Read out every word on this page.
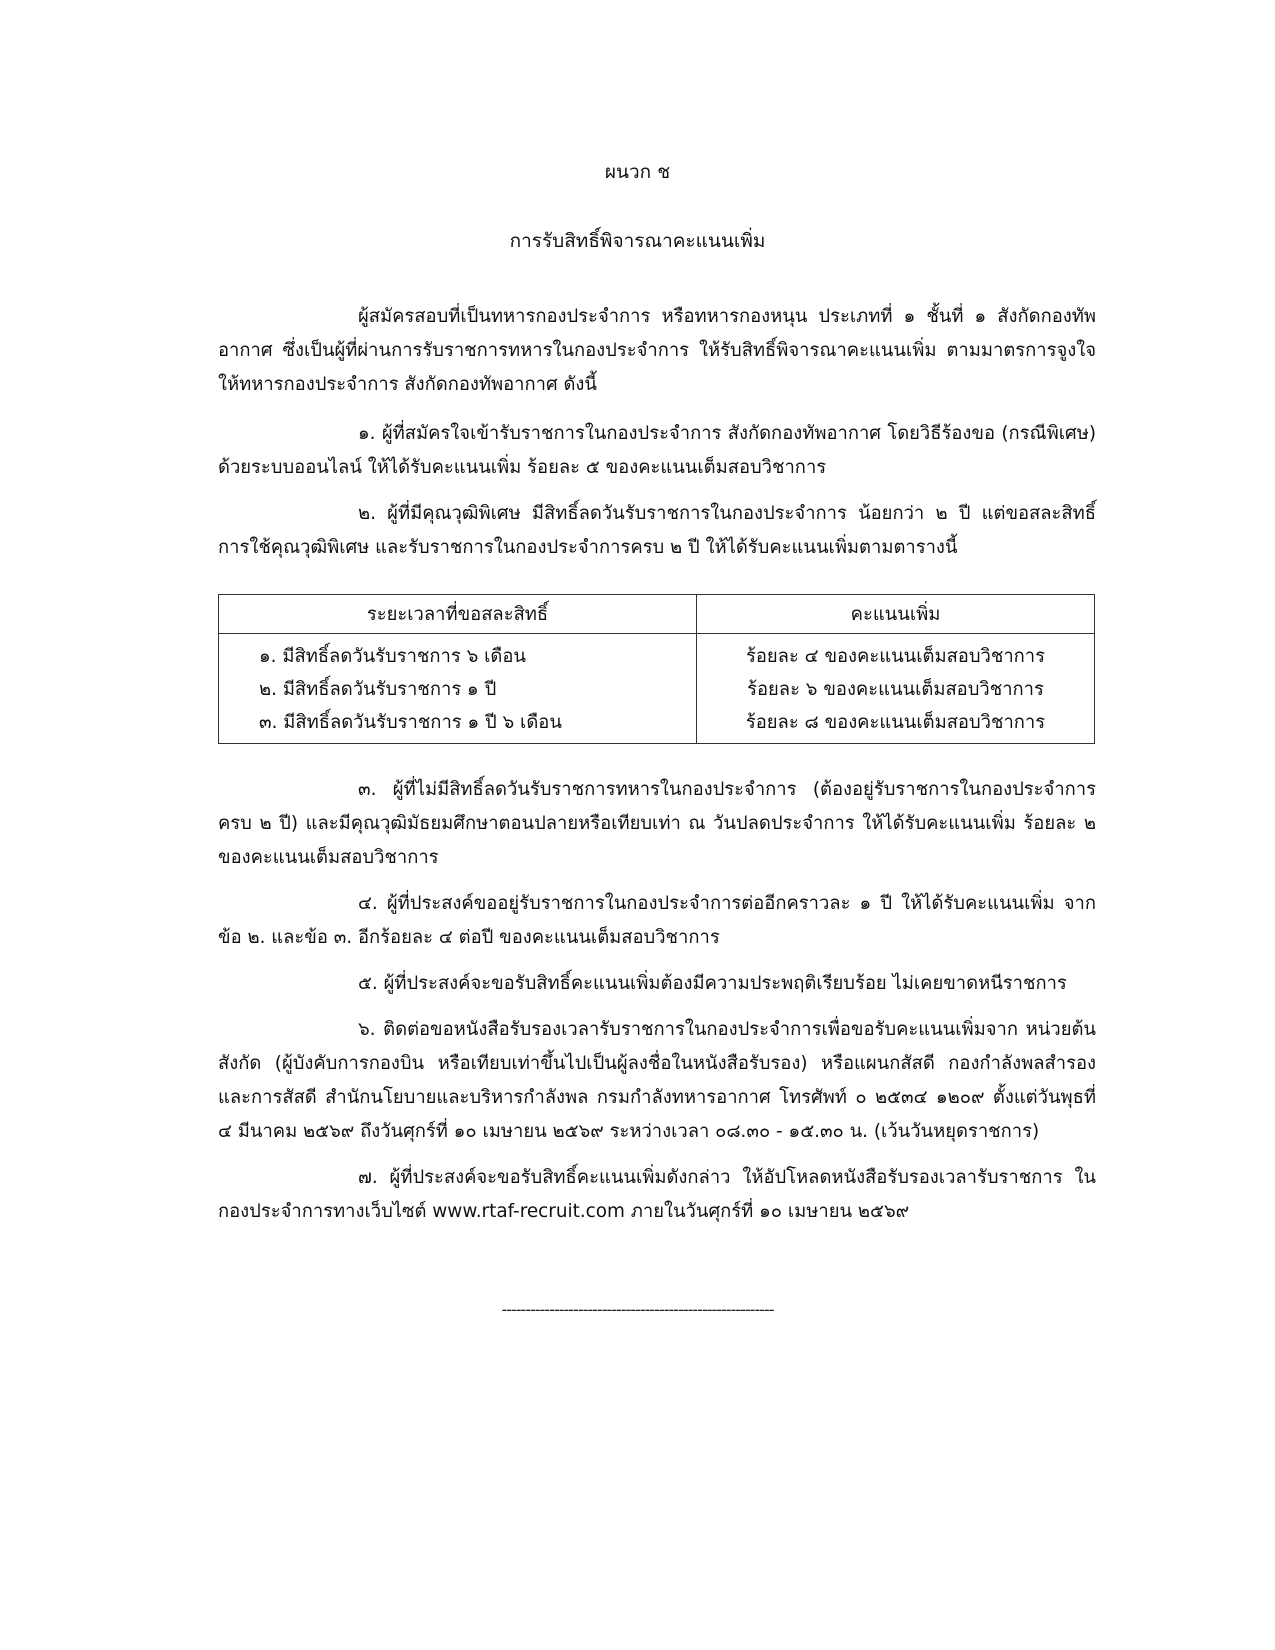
ผนวก ช
การรับสิทธิ์พิจารณาคะแนนเพิ่ม

ผู้สมัครสอบที่เป็นทหารกองประจำการ หรือทหารกองหนุน ประเภทที่ ๑ ชั้นที่ ๑ สังกัดกองทัพอากาศ ซึ่งเป็นผู้ที่ผ่านการรับราชการทหารในกองประจำการ ให้รับสิทธิ์พิจารณาคะแนนเพิ่ม ตามมาตรการจูงใจให้ทหารกองประจำการ สังกัดกองทัพอากาศ ดังนี้

๑. ผู้ที่สมัครใจเข้ารับราชการในกองประจำการ สังกัดกองทัพอากาศ โดยวิธีร้องขอ (กรณีพิเศษ) ด้วยระบบออนไลน์ ให้ได้รับคะแนนเพิ่ม ร้อยละ ๕ ของคะแนนเต็มสอบวิชาการ

๒. ผู้ที่มีคุณวุฒิพิเศษ มีสิทธิ์ลดวันรับราชการในกองประจำการ น้อยกว่า ๒ ปี แต่ขอสละสิทธิ์ การใช้คุณวุฒิพิเศษ และรับราชการในกองประจำการครบ ๒ ปี ให้ได้รับคะแนนเพิ่มตามตารางนี้

ระยะเวลาที่ขอสละสิทธิ์	คะแนนเพิ่ม
๑. มีสิทธิ์ลดวันรับราชการ ๖ เดือน	ร้อยละ ๔ ของคะแนนเต็มสอบวิชาการ
๒. มีสิทธิ์ลดวันรับราชการ ๑ ปี	ร้อยละ ๖ ของคะแนนเต็มสอบวิชาการ
๓. มีสิทธิ์ลดวันรับราชการ ๑ ปี ๖ เดือน	ร้อยละ ๘ ของคะแนนเต็มสอบวิชาการ

๓. ผู้ที่ไม่มีสิทธิ์ลดวันรับราชการทหารในกองประจำการ (ต้องอยู่รับราชการในกองประจำการ ครบ ๒ ปี) และมีคุณวุฒิมัธยมศึกษาตอนปลายหรือเทียบเท่า ณ วันปลดประจำการ ให้ได้รับคะแนนเพิ่ม ร้อยละ ๒ ของคะแนนเต็มสอบวิชาการ

๔. ผู้ที่ประสงค์ขออยู่รับราชการในกองประจำการต่ออีกคราวละ ๑ ปี ให้ได้รับคะแนนเพิ่ม จากข้อ ๒. และข้อ ๓. อีกร้อยละ ๔ ต่อปี ของคะแนนเต็มสอบวิชาการ

๕. ผู้ที่ประสงค์จะขอรับสิทธิ์คะแนนเพิ่มต้องมีความประพฤติเรียบร้อย ไม่เคยขาดหนีราชการ

๖. ติดต่อขอหนังสือรับรองเวลารับราชการในกองประจำการเพื่อขอรับคะแนนเพิ่มจาก หน่วยต้นสังกัด (ผู้บังคับการกองบิน หรือเทียบเท่าขึ้นไปเป็นผู้ลงชื่อในหนังสือรับรอง) หรือแผนกสัสดี กองกำลังพลสำรองและการสัสดี สำนักนโยบายและบริหารกำลังพล กรมกำลังทหารอากาศ โทรศัพท์ ๐ ๒๕๓๔ ๑๒๐๙ ตั้งแต่วันพุธที่ ๔ มีนาคม ๒๕๖๙ ถึงวันศุกร์ที่ ๑๐ เมษายน ๒๕๖๙ ระหว่างเวลา ๐๘.๓๐ - ๑๕.๓๐ น. (เว้นวันหยุดราชการ)

๗. ผู้ที่ประสงค์จะขอรับสิทธิ์คะแนนเพิ่มดังกล่าว ให้อัปโหลดหนังสือรับรองเวลารับราชการ ในกองประจำการทางเว็บไซต์ www.rtaf-recruit.com ภายในวันศุกร์ที่ ๑๐ เมษายน ๒๕๖๙

---------------------------------------------------------
